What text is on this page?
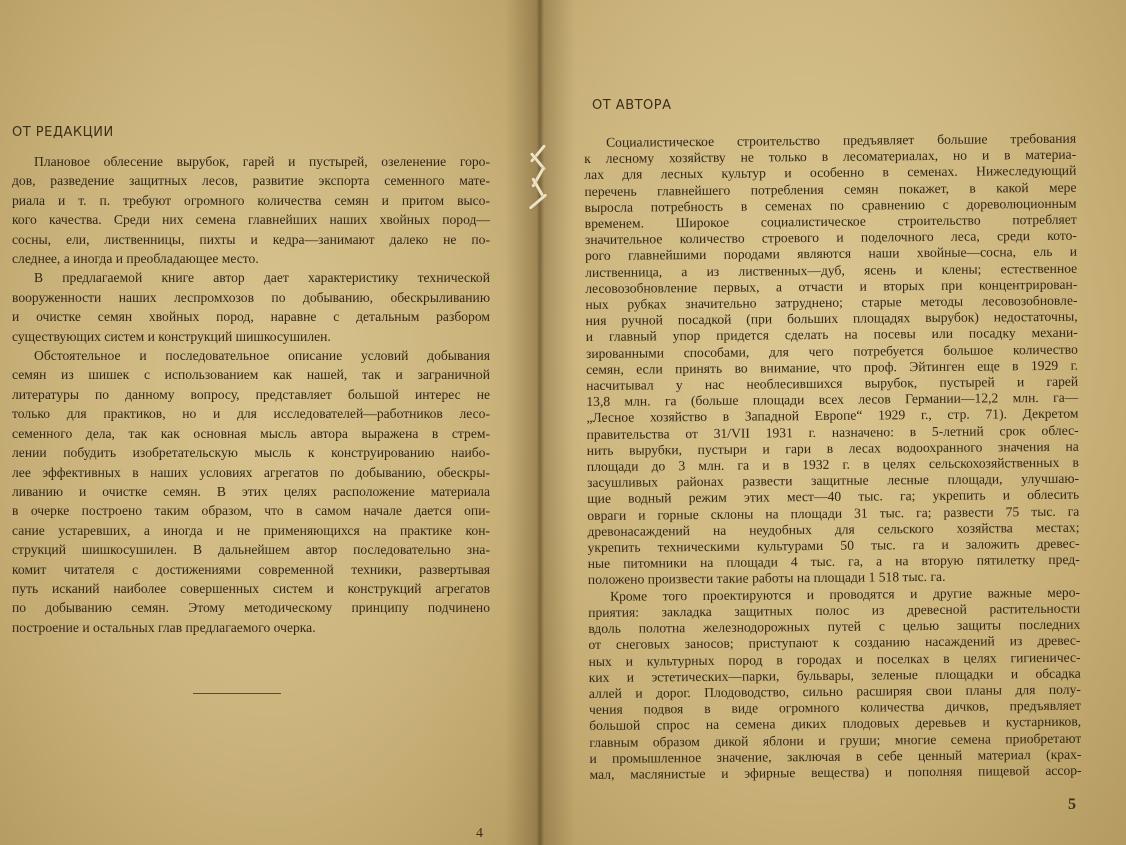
ОТ РЕДАКЦИИ
Плановое облесение вырубок, гарей и пустырей, озеленение горо-
дов, разведение защитных лесов, развитие экспорта семенного мате-
риала и т. п. требуют огромного количества семян и притом высо-
кого качества. Среди них семена главнейших наших хвойных пород—
сосны, ели, лиственницы, пихты и кедра—занимают далеко не по-
следнее, а иногда и преобладающее место.
В предлагаемой книге автор дает характеристику технической
вооруженности наших леспромхозов по добыванию, обескрыливанию
и очистке семян хвойных пород, наравне с детальным разбором
существующих систем и конструкций шишкосушилен.
Обстоятельное и последовательное описание условий добывания
семян из шишек с использованием как нашей, так и заграничной
литературы по данному вопросу, представляет большой интерес не
только для практиков, но и для исследователей—работников лесо-
семенного дела, так как основная мысль автора выражена в стрем-
лении побудить изобретательскую мысль к конструированию наибо-
лее эффективных в наших условиях агрегатов по добыванию, обескры-
ливанию и очистке семян. В этих целях расположение материала
в очерке построено таким образом, что в самом начале дается опи-
сание устаревших, а иногда и не применяющихся на практике кон-
струкций шишкосушилен. В дальнейшем автор последовательно зна-
комит читателя с достижениями современной техники, развертывая
путь исканий наиболее совершенных систем и конструкций агрегатов
по добыванию семян. Этому методическому принципу подчинено
построение и остальных глав предлагаемого очерка.
4
ОТ АВТОРА
Социалистическое строительство предъявляет большие требования
к лесному хозяйству не только в лесоматериалах, но и в материа-
лах для лесных культур и особенно в семенах. Нижеследующий
перечень главнейшего потребления семян покажет, в какой мере
выросла потребность в семенах по сравнению с дореволюционным
временем. Широкое социалистическое строительство потребляет
значительное количество строевого и поделочного леса, среди кото-
рого главнейшими породами являются наши хвойные—сосна, ель и
лиственница, а из лиственных—дуб, ясень и клены; естественное
лесовозобновление первых, а отчасти и вторых при концентрирован-
ных рубках значительно затруднено; старые методы лесовозобновле-
ния ручной посадкой (при больших площадях вырубок) недостаточны,
и главный упор придется сделать на посевы или посадку механи-
зированными способами, для чего потребуется большое количество
семян, если принять во внимание, что проф. Эйтинген еще в 1929 г.
насчитывал у нас необлесившихся вырубок, пустырей и гарей
13,8 млн. га (больше площади всех лесов Германии—12,2 млн. га—
„Лесное хозяйство в Западной Европе“ 1929 г., стр. 71). Декретом
правительства от 31/VII 1931 г. назначено: в 5-летний срок облес-
нить вырубки, пустыри и гари в лесах водоохранного значения на
площади до 3 млн. га и в 1932 г. в целях сельскохозяйственных в
засушливых районах развести защитные лесные площади, улучшаю-
щие водный режим этих мест—40 тыс. га; укрепить и облесить
овраги и горные склоны на площади 31 тыс. га; развести 75 тыс. га
древонасаждений на неудобных для сельского хозяйства местах;
укрепить техническими культурами 50 тыс. га и заложить древес-
ные питомники на площади 4 тыс. га, а на вторую пятилетку пред-
положено произвести такие работы на площади 1 518 тыс. га.
Кроме того проектируются и проводятся и другие важные меро-
приятия: закладка защитных полос из древесной растительности
вдоль полотна железнодорожных путей с целью защиты последних
от снеговых заносов; приступают к созданию насаждений из древес-
ных и культурных пород в городах и поселках в целях гигиеничес-
ких и эстетических—парки, бульвары, зеленые площадки и обсадка
аллей и дорог. Плодоводство, сильно расширяя свои планы для полу-
чения подвоя в виде огромного количества дичков, предъявляет
большой спрос на семена диких плодовых деревьев и кустарников,
главным образом дикой яблони и груши; многие семена приобретают
и промышленное значение, заключая в себе ценный материал (крах-
мал, маслянистые и эфирные вещества) и пополняя пищевой ассор-
5
